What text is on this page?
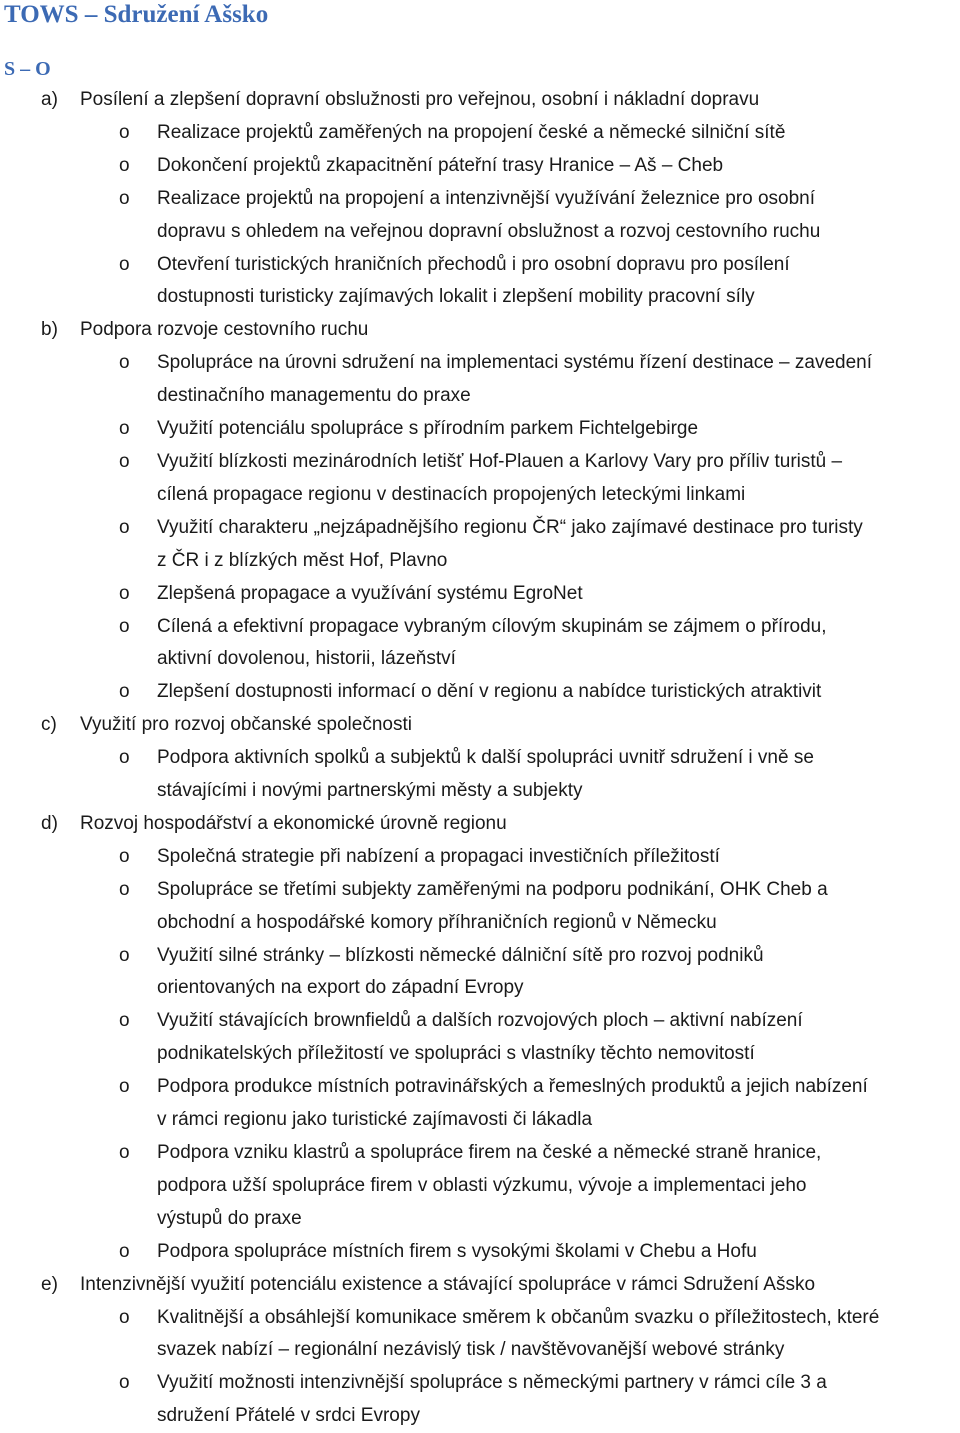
TOWS – Sdružení Ašsko
S – O
a) Posílení a zlepšení dopravní obslužnosti pro veřejnou, osobní i nákladní dopravu
o Realizace projektů zaměřených na propojení české a německé silniční sítě
o Dokončení projektů zkapacitnění páteřní trasy Hranice – Aš – Cheb
o Realizace projektů na propojení a intenzivnější využívání železnice pro osobní
dopravu s ohledem na veřejnou dopravní obslužnost a rozvoj cestovního ruchu
o Otevření turistických hraničních přechodů i pro osobní dopravu pro posílení
dostupnosti turisticky zajímavých lokalit i zlepšení mobility pracovní síly
b) Podpora rozvoje cestovního ruchu
o Spolupráce na úrovni sdružení na implementaci systému řízení destinace – zavedení
destinačního managementu do praxe
o Využití potenciálu spolupráce s přírodním parkem Fichtelgebirge
o Využití blízkosti mezinárodních letišť Hof-Plauen a Karlovy Vary pro příliv turistů –
cílená propagace regionu v destinacích propojených leteckými linkami
o Využití charakteru „nejzápadnějšího regionu ČR“ jako zajímavé destinace pro turisty
z ČR i z blízkých měst Hof, Plavno
o Zlepšená propagace a využívání systému EgroNet
o Cílená a efektivní propagace vybraným cílovým skupinám se zájmem o přírodu,
aktivní dovolenou, historii, lázeňství
o Zlepšení dostupnosti informací o dění v regionu a nabídce turistických atraktivit
c) Využití pro rozvoj občanské společnosti
o Podpora aktivních spolků a subjektů k další spolupráci uvnitř sdružení i vně se
stávajícími i novými partnerskými městy a subjekty
d) Rozvoj hospodářství a ekonomické úrovně regionu
o Společná strategie při nabízení a propagaci investičních příležitostí
o Spolupráce se třetími subjekty zaměřenými na podporu podnikání, OHK Cheb a
obchodní a hospodářské komory příhraničních regionů v Německu
o Využití silné stránky – blízkosti německé dálniční sítě pro rozvoj podniků
orientovaných na export do západní Evropy
o Využití stávajících brownfieldů a dalších rozvojových ploch – aktivní nabízení
podnikatelských příležitostí ve spolupráci s vlastníky těchto nemovitostí
o Podpora produkce místních potravinářských a řemeslných produktů a jejich nabízení
v rámci regionu jako turistické zajímavosti či lákadla
o Podpora vzniku klastrů a spolupráce firem na české a německé straně hranice,
podpora užší spolupráce firem v oblasti výzkumu, vývoje a implementaci jeho
výstupů do praxe
o Podpora spolupráce místních firem s vysokými školami v Chebu a Hofu
e) Intenzivnější využití potenciálu existence a stávající spolupráce v rámci Sdružení Ašsko
o Kvalitnější a obsáhlejší komunikace směrem k občanům svazku o příležitostech, které
svazek nabízí – regionální nezávislý tisk / navštěvovanější webové stránky
o Využití možnosti intenzivnější spolupráce s německými partnery v rámci cíle 3 a
sdružení Přátelé v srdci Evropy
